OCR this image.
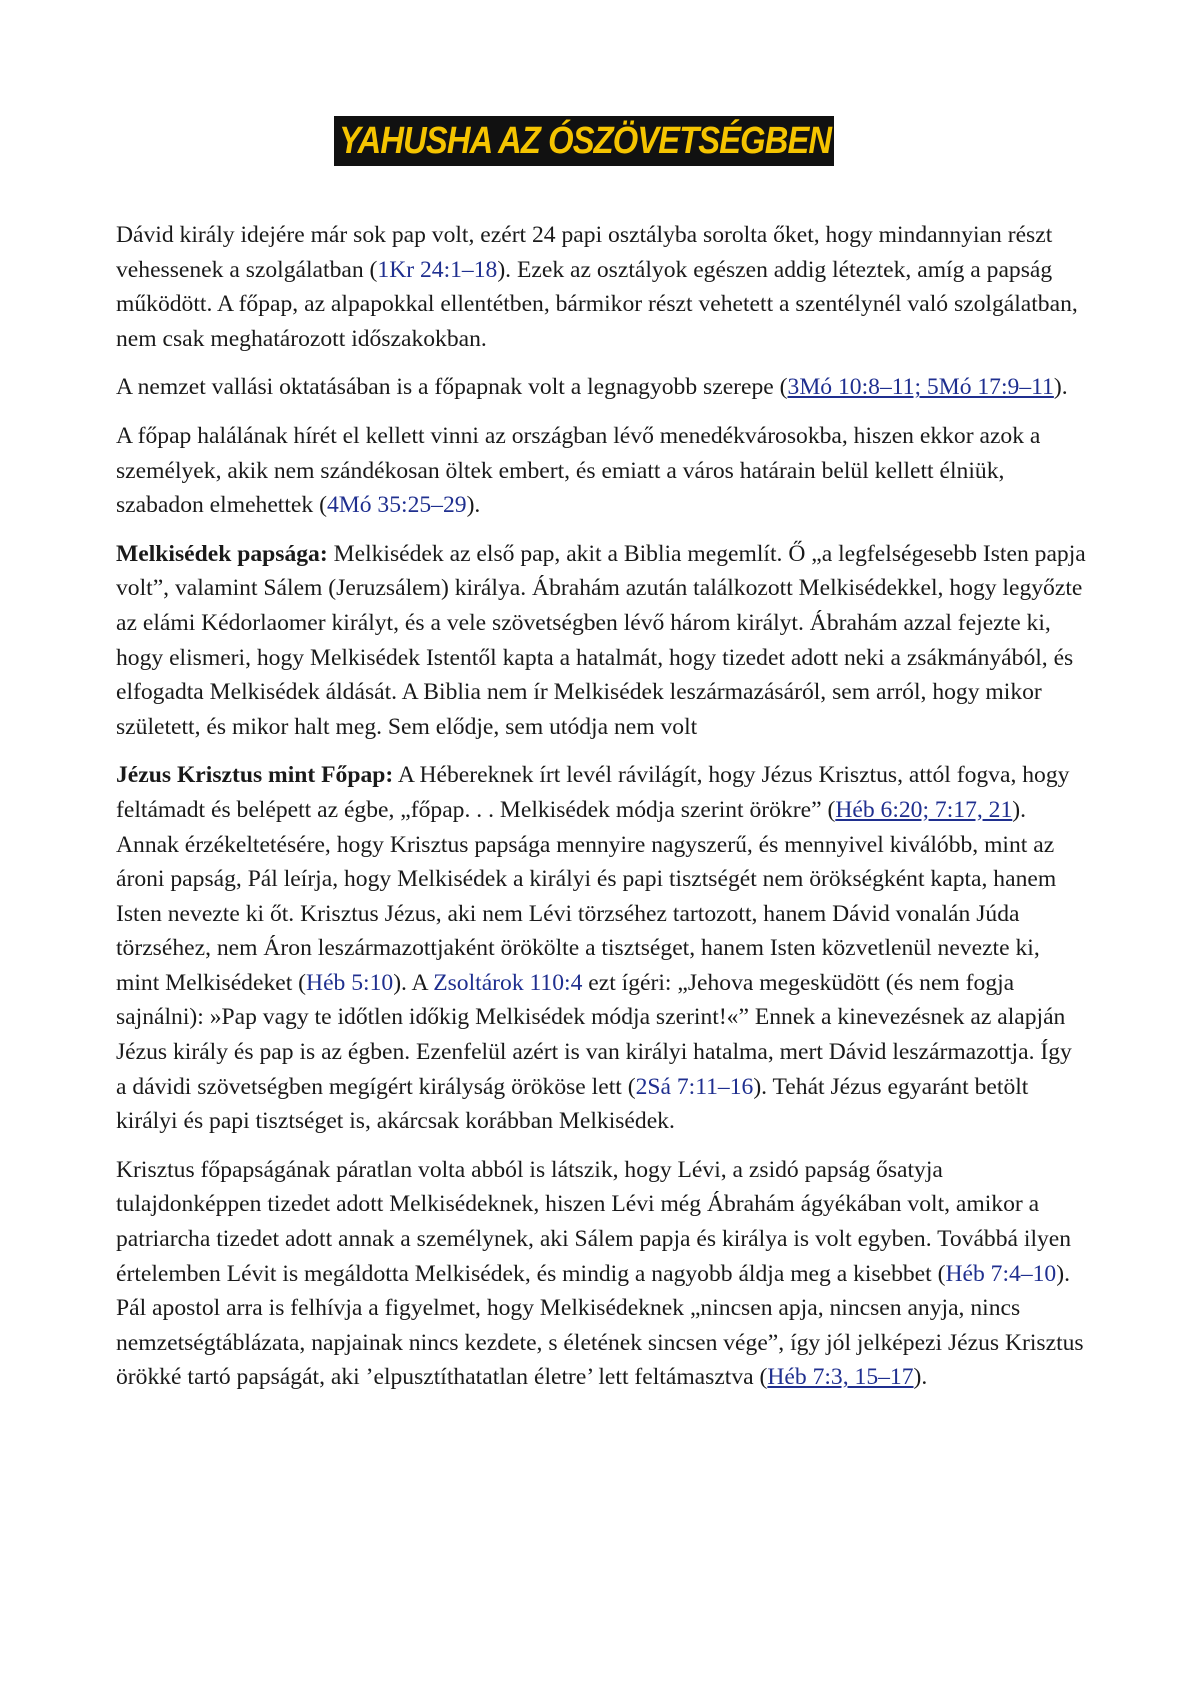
YAHUSHA AZ ÓSZÖVETSÉGBEN

Dávid király idejére már sok pap volt, ezért 24 papi osztályba sorolta őket, hogy mindannyian részt vehessenek a szolgálatban (1Kr 24:1–18). Ezek az osztályok egészen addig léteztek, amíg a papság működött. A főpap, az alpapokkal ellentétben, bármikor részt vehetett a szentélynél való szolgálatban, nem csak meghatározott időszakokban.

A nemzet vallási oktatásában is a főpapnak volt a legnagyobb szerepe (3Mó 10:8–11; 5Mó 17:9–11).

A főpap halálának hírét el kellett vinni az országban lévő menedékvárosokba, hiszen ekkor azok a személyek, akik nem szándékosan öltek embert, és emiatt a város határain belül kellett élniük, szabadon elmehettek (4Mó 35:25–29).

Melkisédek papsága: Melkisédek az első pap, akit a Biblia megemlít. Ő „a legfelségesebb Isten papja volt”, valamint Sálem (Jeruzsálem) királya. Ábrahám azután találkozott Melkisédekkel, hogy legyőzte az elámi Kédorlaomer királyt, és a vele szövetségben lévő három királyt. Ábrahám azzal fejezte ki, hogy elismeri, hogy Melkisédek Istentől kapta a hatalmát, hogy tizedet adott neki a zsákmányából, és elfogadta Melkisédek áldását. A Biblia nem ír Melkisédek leszármazásáról, sem arról, hogy mikor született, és mikor halt meg. Sem elődje, sem utódja nem volt

Jézus Krisztus mint Főpap: A Hébereknek írt levél rávilágít, hogy Jézus Krisztus, attól fogva, hogy feltámadt és belépett az égbe, „főpap. . . Melkisédek módja szerint örökre” (Héb 6:20; 7:17, 21). Annak érzékeltetésére, hogy Krisztus papsága mennyire nagyszerű, és mennyivel kiválóbb, mint az ároni papság, Pál leírja, hogy Melkisédek a királyi és papi tisztségét nem örökségként kapta, hanem Isten nevezte ki őt. Krisztus Jézus, aki nem Lévi törzséhez tartozott, hanem Dávid vonalán Júda törzséhez, nem Áron leszármazottjaként örökölte a tisztséget, hanem Isten közvetlenül nevezte ki, mint Melkisédeket (Héb 5:10). A Zsoltárok 110:4 ezt ígéri: „Jehova megesküdött (és nem fogja sajnálni): »Pap vagy te időtlen időkig Melkisédek módja szerint!«” Ennek a kinevezésnek az alapján Jézus király és pap is az égben. Ezenfelül azért is van királyi hatalma, mert Dávid leszármazottja. Így a dávidi szövetségben megígért királyság örököse lett (2Sá 7:11–16). Tehát Jézus egyaránt betölt királyi és papi tisztséget is, akárcsak korábban Melkisédek.

Krisztus főpapságának páratlan volta abból is látszik, hogy Lévi, a zsidó papság ősatyja tulajdonképpen tizedet adott Melkisédeknek, hiszen Lévi még Ábrahám ágyékában volt, amikor a patriarcha tizedet adott annak a személynek, aki Sálem papja és királya is volt egyben. Továbbá ilyen értelemben Lévit is megáldotta Melkisédek, és mindig a nagyobb áldja meg a kisebbet (Héb 7:4–10). Pál apostol arra is felhívja a figyelmet, hogy Melkisédeknek „nincsen apja, nincsen anyja, nincs nemzetségtáblázata, napjainak nincs kezdete, s életének sincsen vége”, így jól jelképezi Jézus Krisztus örökké tartó papságát, aki ’elpusztíthatatlan életre’ lett feltámasztva (Héb 7:3, 15–17).
